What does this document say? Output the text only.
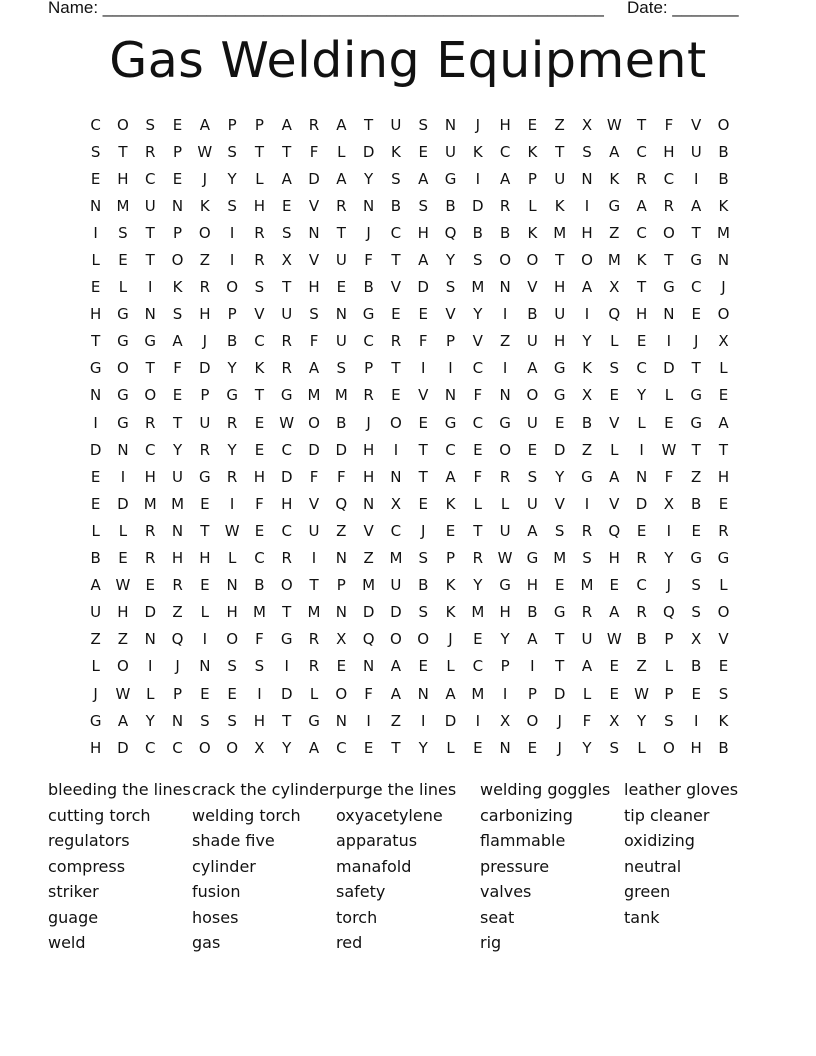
Name: _____________________________________________________ Date: _______
Gas Welding Equipment
C	O	S	E	A	P	P	A	R	A	T	U	S	N	J	H	E	Z	X W	T	F	V	O
S	T	R	P	W	S	T	T	F	L	D	K	E	U	K	C	K	T	S	A	C	H	U	B
E	H	C	E	J	Y	L	A	D	A	Y	S	A	G	I	A	P	U	N	K	R	C	I	B
N	M	U	N	K	S	H	E	V	R	N	B	S	B	D	R	L	K	I	G	A	R	A	K
I	S	T	P	O	I	R	S	N	T	J	C	H	Q	B	B	K	M	H	Z	C	O	T	M
L	E	T	O	Z	I	R	X	V	U	F	T	A	Y	S	O	O	T	O M	K	T	G	N
E	L	I	K	R	O	S	T	H	E	B	V	D	S	M	N	V	H	A	X	T	G	C	J
H	G	N	S	H	P	V	U	S	N	G	E	E	V	Y	I	B	U	I	Q	H	N	E	O
T	G	G	A	J	B	C	R	F	U	C	R	F	P	V	Z	U	H	Y	L	E	I	J	X
G	O	T	F	D	Y	K	R	A	S	P	T	I	I	C	I	A	G	K	S	C	D	T	L
N	G	O	E	P	G	T	G	M M	R	E	V	N	F	N	O	G	X	E	Y	L	G	E
I	G	R	T	U	R	E	W O	B	J	O	E	G	C	G	U	E	B	V	L	E	G	A
D	N	C	Y	R	Y	E	C	D	D	H	I	T	C	E	O	E	D	Z	L	I	W	T	T
E	I	H	U	G	R	H	D	F	F	H	N	T	A	F	R	S	Y	G	A	N	F	Z	H
E	D	M M	E	I	F	H	V	Q	N	X	E	K	L	L	U	V	I	V	D	X	B	E
L	L	R	N	T	W	E	C	U	Z	V	C	J	E	T	U	A	S	R	Q	E	I	E	R
B	E	R	H	H	L	C	R	I	N	Z	M	S	P	R W G	M	S	H	R	Y	G	G
A W	E	R	E	N	B	O	T	P	M	U	B	K	Y	G	H	E	M	E	C	J	S	L
U	H	D	Z	L	H	M	T	M	N	D	D	S	K	M	H	B	G	R	A	R	Q	S	O
Z	Z	N	Q	I	O	F	G	R	X	Q	O	O	J	E	Y	A	T	U W B	P	X	V
L	O	I	J	N	S	S	I	R	E	N	A	E	L	C	P	I	T	A	E	Z	L	B	E
J	W	L	P	E	E	I	D	L	O	F	A	N	A	M	I	P	D	L	E	W	P	E	S
G	A	Y	N	S	S	H	T	G	N	I	Z	I	D	I	X	O	J	F	X	Y	S	I	K
H	D	C	C	O	O	X	Y	A	C	E	T	Y	L	E	N	E	J	Y	S	L	O	H	B
bleeding the lines
cutting torch
regulators
compress
striker
guage
weld
crack the cylinder
welding torch
shade five
cylinder
fusion
hoses
gas
purge the lines
oxyacetylene
apparatus
manafold
safety
torch
red
welding goggles
carbonizing
flammable
pressure
valves
seat
rig
leather gloves
tip cleaner
oxidizing
neutral
green
tank
